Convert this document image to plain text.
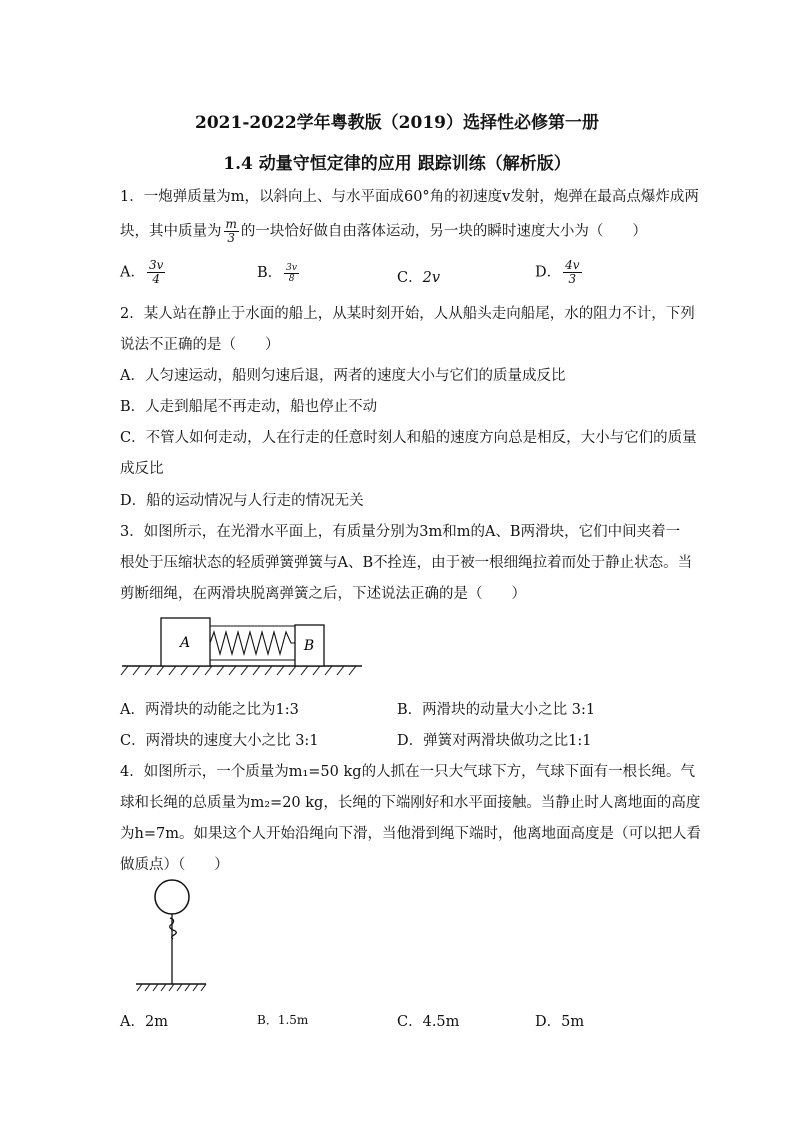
2021-2022学年粤教版（2019）选择性必修第一册
1.4 动量守恒定律的应用 跟踪训练（解析版）
1．一炮弹质量为m，以斜向上、与水平面成60°角的初速度v发射，炮弹在最高点爆炸成两
块，其中质量为 $\frac{m}{3}$ 的一块恰好做自由落体运动，另一块的瞬时速度大小为（　　）
A． $\frac{3v}{4}$	B． $\frac{3v}{8}$	C．2v	D． $\frac{4v}{3}$
2．某人站在静止于水面的船上，从某时刻开始，人从船头走向船尾，水的阻力不计，下列
说法不正确的是（　　）
A．人匀速运动，船则匀速后退，两者的速度大小与它们的质量成反比
B．人走到船尾不再走动，船也停止不动
C．不管人如何走动，人在行走的任意时刻人和船的速度方向总是相反，大小与它们的质量
成反比
D．船的运动情况与人行走的情况无关
3．如图所示，在光滑水平面上，有质量分别为3m和m的A、B两滑块，它们中间夹着一
根处于压缩状态的轻质弹簧弹簧与A、B不拴连，由于被一根细绳拉着而处于静止状态。当
剪断细绳，在两滑块脱离弹簧之后，下述说法正确的是（　　）
A	B
A．两滑块的动能之比为1:3	B．两滑块的动量大小之比 3:1
C．两滑块的速度大小之比 3:1	D．弹簧对两滑块做功之比1:1
4．如图所示，一个质量为m₁=50 kg的人抓在一只大气球下方，气球下面有一根长绳。气
球和长绳的总质量为m₂=20 kg，长绳的下端刚好和水平面接触。当静止时人离地面的高度
为h=7m。如果这个人开始沿绳向下滑，当他滑到绳下端时，他离地面高度是（可以把人看
做质点）（　　）
A．2m	B．1.5m	C．4.5m	D．5m
